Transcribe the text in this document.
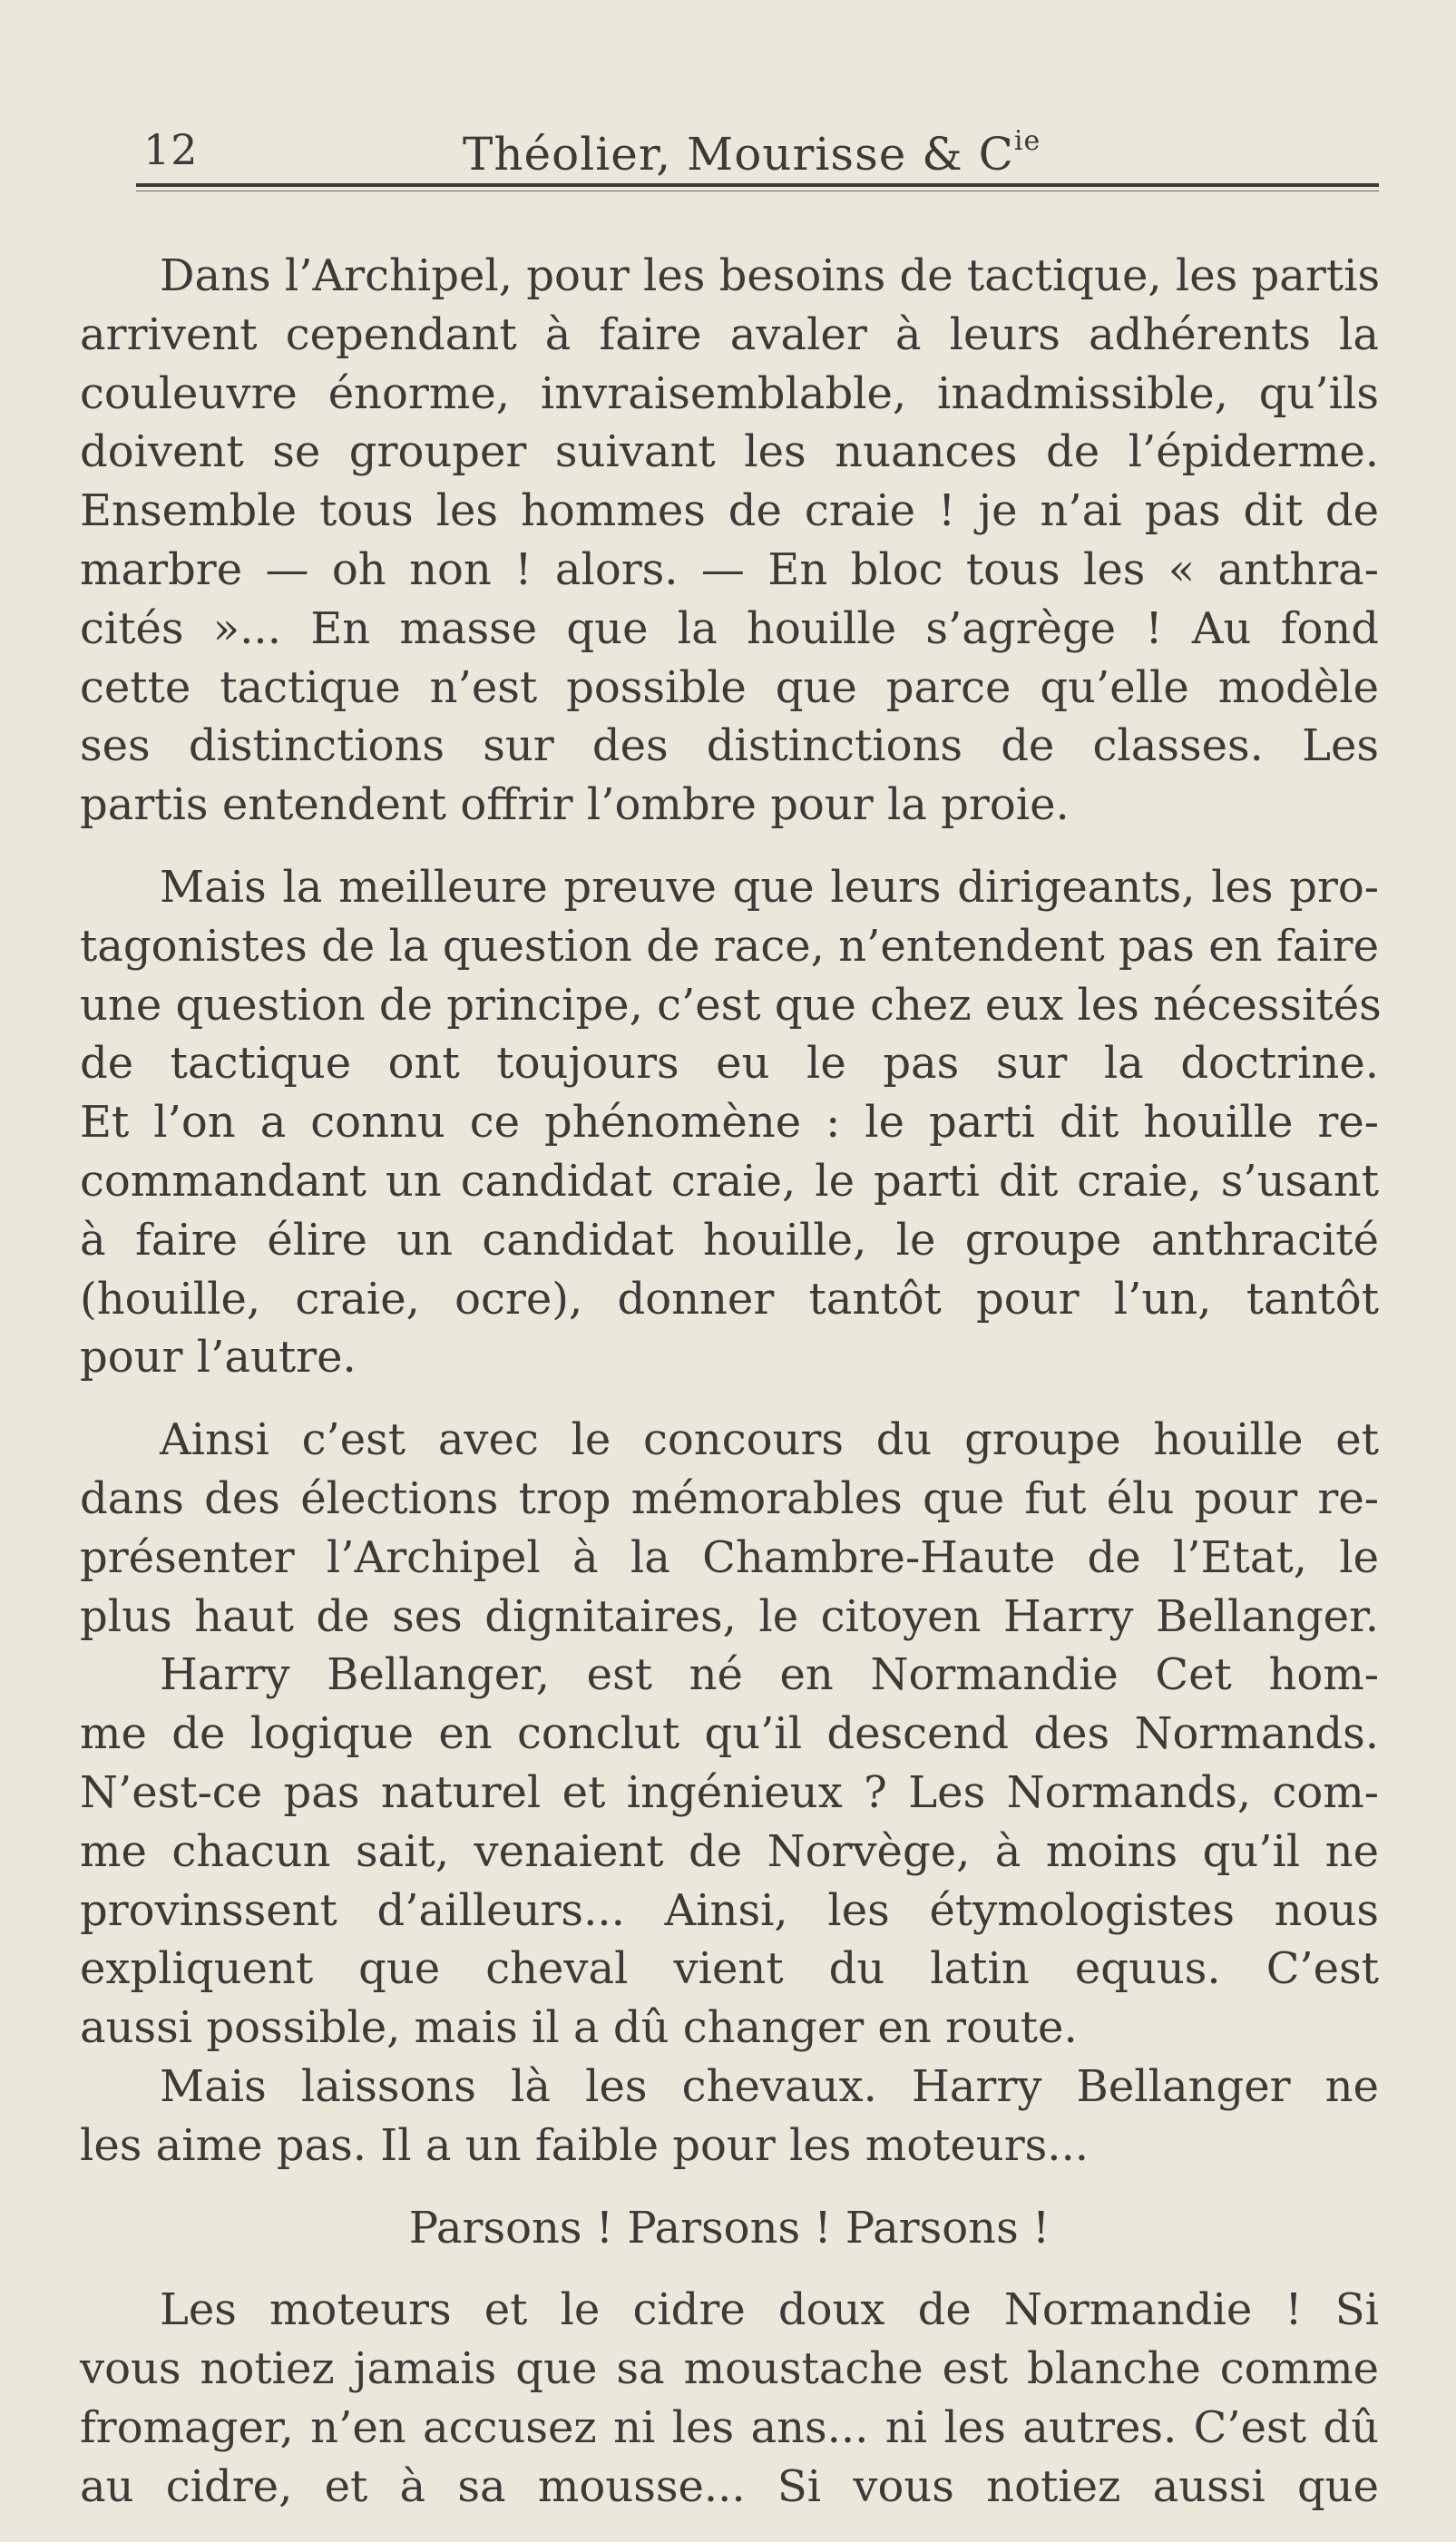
12	Théolier, Mourisse & $C^{ie}$
Dans l’Archipel, pour les besoins de tactique, les partis
arrivent cependant à faire avaler à leurs adhérents la
couleuvre énorme, invraisemblable, inadmissible, qu’ils
doivent se grouper suivant les nuances de l’épiderme.
Ensemble tous les hommes de craie ! je n’ai pas dit de
marbre — oh non ! alors. — En bloc tous les « anthra-
cités »... En masse que la houille s’agrège ! Au fond
cette tactique n’est possible que parce qu’elle modèle
ses distinctions sur des distinctions de classes. Les
partis entendent offrir l’ombre pour la proie.
Mais la meilleure preuve que leurs dirigeants, les pro-
tagonistes de la question de race, n’entendent pas en faire
une question de principe, c’est que chez eux les nécessités
de tactique ont toujours eu le pas sur la doctrine.
Et l’on a connu ce phénomène : le parti dit houille re-
commandant un candidat craie, le parti dit craie, s’usant
à faire élire un candidat houille, le groupe anthracité
(houille, craie, ocre), donner tantôt pour l’un, tantôt
pour l’autre.
Ainsi c’est avec le concours du groupe houille et
dans des élections trop mémorables que fut élu pour re-
présenter l’Archipel à la Chambre-Haute de l’Etat, le
plus haut de ses dignitaires, le citoyen Harry Bellanger.
Harry Bellanger, est né en Normandie Cet hom-
me de logique en conclut qu’il descend des Normands.
N’est-ce pas naturel et ingénieux ? Les Normands, com-
me chacun sait, venaient de Norvège, à moins qu’il ne
provinssent d’ailleurs... Ainsi, les étymologistes nous
expliquent que cheval vient du latin equus. C’est
aussi possible, mais il a dû changer en route.
Mais laissons là les chevaux. Harry Bellanger ne
les aime pas. Il a un faible pour les moteurs...
Parsons ! Parsons ! Parsons !
Les moteurs et le cidre doux de Normandie ! Si
vous notiez jamais que sa moustache est blanche comme
fromager, n’en accusez ni les ans... ni les autres. C’est dû
au cidre, et à sa mousse... Si vous notiez aussi que
